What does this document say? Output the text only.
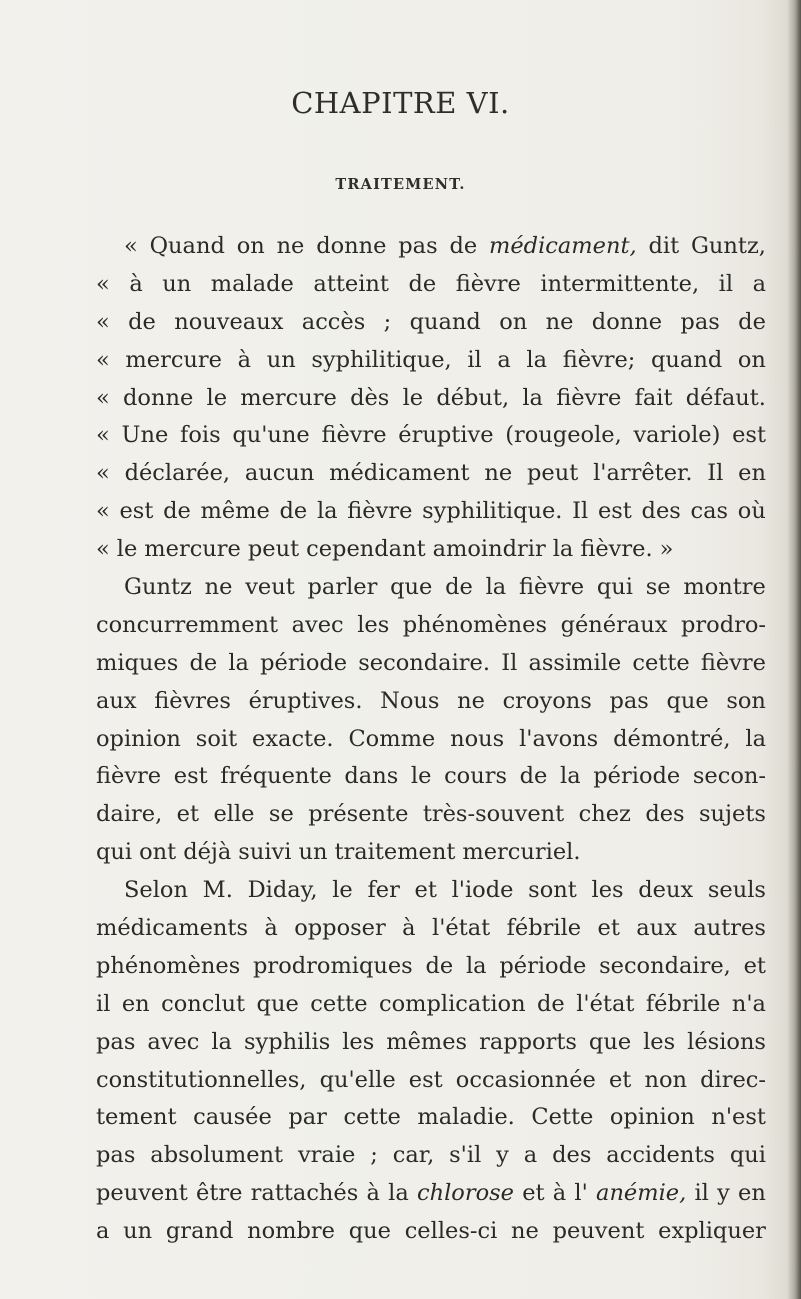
CHAPITRE VI.
TRAITEMENT.
« Quand on ne donne pas de médicament, dit Guntz,
« à un malade atteint de fièvre intermittente, il a
« de nouveaux accès ; quand on ne donne pas de
« mercure à un syphilitique, il a la fièvre; quand on
« donne le mercure dès le début, la fièvre fait défaut.
« Une fois qu'une fièvre éruptive (rougeole, variole) est
« déclarée, aucun médicament ne peut l'arrêter. Il en
« est de même de la fièvre syphilitique. Il est des cas où
« le mercure peut cependant amoindrir la fièvre. »
Guntz ne veut parler que de la fièvre qui se montre
concurremment avec les phénomènes généraux prodro-
miques de la période secondaire. Il assimile cette fièvre
aux fièvres éruptives. Nous ne croyons pas que son
opinion soit exacte. Comme nous l'avons démontré, la
fièvre est fréquente dans le cours de la période secon-
daire, et elle se présente très-souvent chez des sujets
qui ont déjà suivi un traitement mercuriel.
Selon M. Diday, le fer et l'iode sont les deux seuls
médicaments à opposer à l'état fébrile et aux autres
phénomènes prodromiques de la période secondaire, et
il en conclut que cette complication de l'état fébrile n'a
pas avec la syphilis les mêmes rapports que les lésions
constitutionnelles, qu'elle est occasionnée et non direc-
tement causée par cette maladie. Cette opinion n'est
pas absolument vraie ; car, s'il y a des accidents qui
peuvent être rattachés à la chlorose et à l' anémie, il y en
a un grand nombre que celles-ci ne peuvent expliquer
